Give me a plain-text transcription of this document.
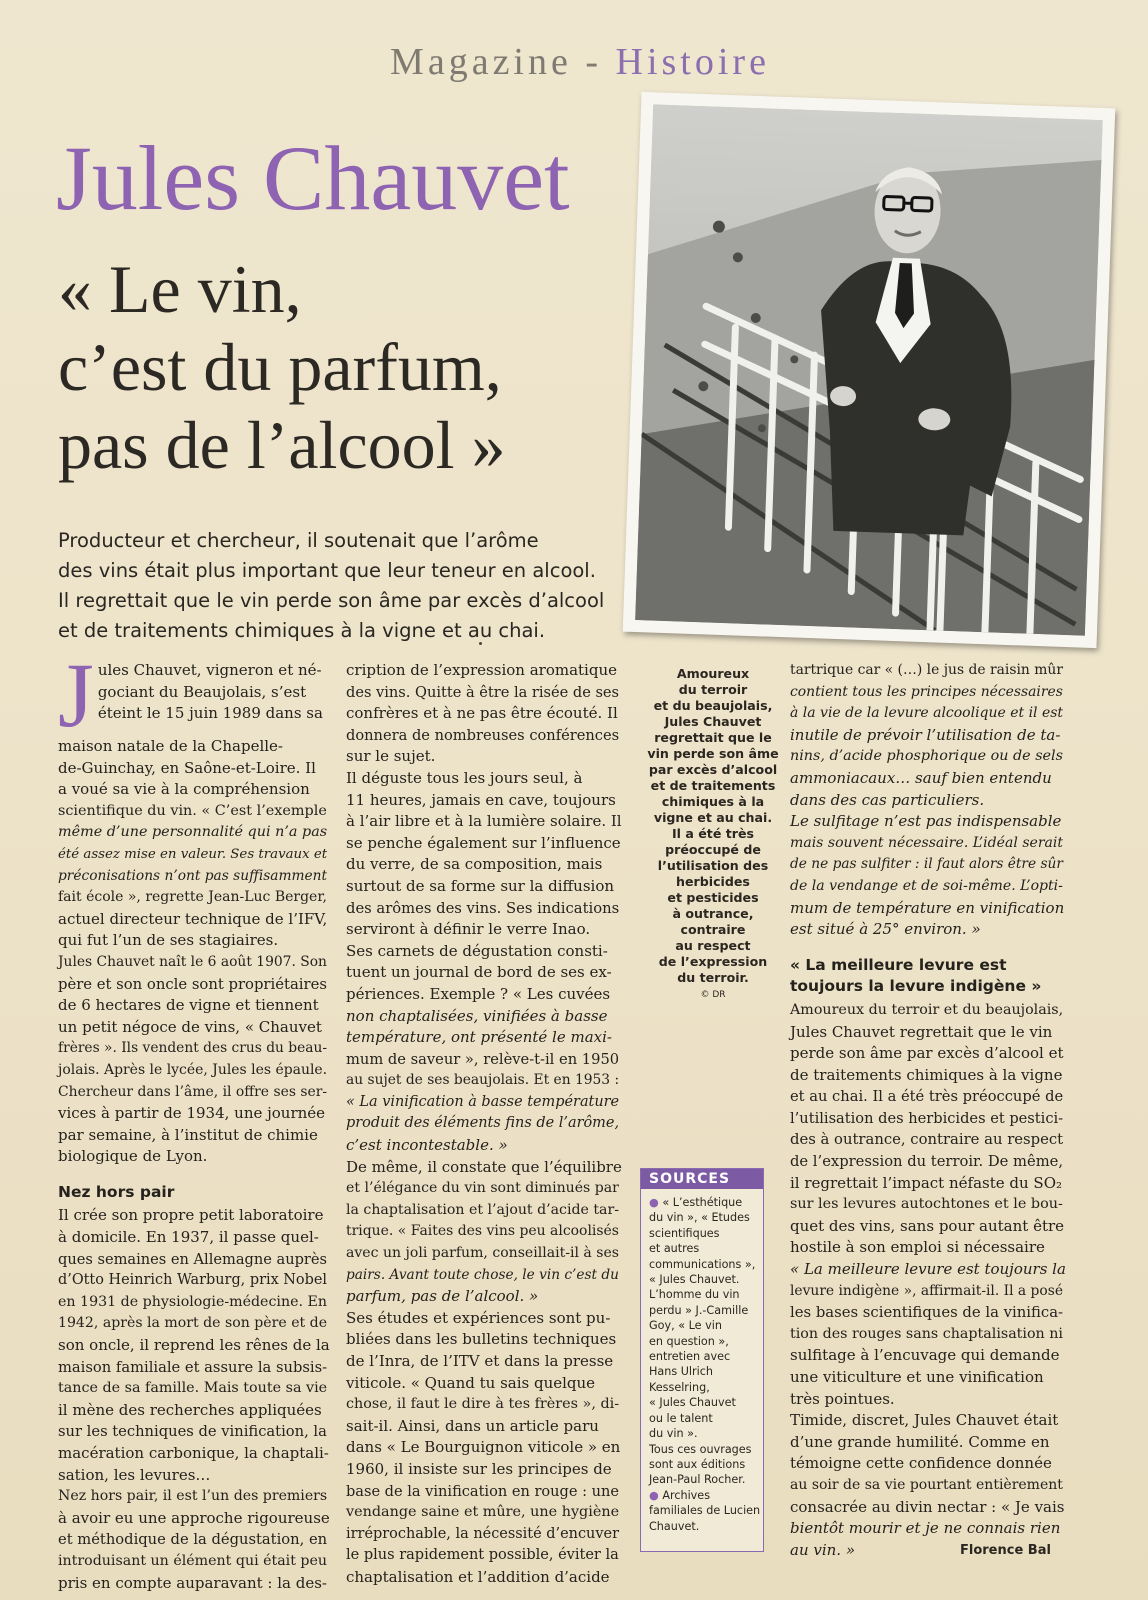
Magazine - Histoire
Jules Chauvet
« Le vin,
c’est du parfum,
pas de l’alcool »
Producteur et chercheur, il soutenait que l’arôme
des vins était plus important que leur teneur en alcool.
Il regrettait que le vin perde son âme par excès d’alcool
et de traitements chimiques à la vigne et au chai.

J ules Chauvet, vigneron et né-
gociant du Beaujolais, s’est
éteint le 15 juin 1989 dans sa
maison natale de la Chapelle-
de-Guinchay, en Saône-et-Loire. Il
a voué sa vie à la compréhension
scientifique du vin. « C’est l’exemple
même d’une personnalité qui n’a pas
été assez mise en valeur. Ses travaux et
préconisations n’ont pas suffisamment
fait école », regrette Jean-Luc Berger,
actuel directeur technique de l’IFV,
qui fut l’un de ses stagiaires.

Jules Chauvet naît le 6 août 1907. Son
père et son oncle sont propriétaires
de 6 hectares de vigne et tiennent
un petit négoce de vins, « Chauvet
frères ». Ils vendent des crus du beau-
jolais. Après le lycée, Jules les épaule.
Chercheur dans l’âme, il offre ses ser-
vices à partir de 1934, une journée
par semaine, à l’institut de chimie
biologique de Lyon.

Nez hors pair

Il crée son propre petit laboratoire
à domicile. En 1937, il passe quel-
ques semaines en Allemagne auprès
d’Otto Heinrich Warburg, prix Nobel
en 1931 de physiologie-médecine. En
1942, après la mort de son père et de
son oncle, il reprend les rênes de la
maison familiale et assure la subsis-
tance de sa famille. Mais toute sa vie
il mène des recherches appliquées
sur les techniques de vinification, la
macération carbonique, la chaptali-
sation, les levures…

Nez hors pair, il est l’un des premiers
à avoir eu une approche rigoureuse
et méthodique de la dégustation, en
introduisant un élément qui était peu
pris en compte auparavant : la des-

cription de l’expression aromatique
des vins. Quitte à être la risée de ses
confrères et à ne pas être écouté. Il
donnera de nombreuses conférences
sur le sujet.

Il déguste tous les jours seul, à
11 heures, jamais en cave, toujours
à l’air libre et à la lumière solaire. Il
se penche également sur l’influence
du verre, de sa composition, mais
surtout de sa forme sur la diffusion
des arômes des vins. Ses indications
serviront à définir le verre Inao.

Ses carnets de dégustation consti-
tuent un journal de bord de ses ex-
périences. Exemple ? « Les cuvées
non chaptalisées, vinifiées à basse
température, ont présenté le maxi-
mum de saveur », relève-t-il en 1950
au sujet de ses beaujolais. Et en 1953 :
« La vinification à basse température
produit des éléments fins de l’arôme,
c’est incontestable. »

De même, il constate que l’équilibre
et l’élégance du vin sont diminués par
la chaptalisation et l’ajout d’acide tar-
trique. « Faites des vins peu alcoolisés
avec un joli parfum, conseillait-il à ses
pairs. Avant toute chose, le vin c’est du
parfum, pas de l’alcool. »

Ses études et expériences sont pu-
bliées dans les bulletins techniques
de l’Inra, de l’ITV et dans la presse
viticole. « Quand tu sais quelque
chose, il faut le dire à tes frères », di-
sait-il. Ainsi, dans un article paru
dans « Le Bourguignon viticole » en
1960, il insiste sur les principes de
base de la vinification en rouge : une
vendange saine et mûre, une hygiène
irréprochable, la nécessité d’encuver
le plus rapidement possible, éviter la
chaptalisation et l’addition d’acide

Amoureux
du terroir
et du beaujolais,
Jules Chauvet
regrettait que le
vin perde son âme
par excès d’alcool
et de traitements
chimiques à la
vigne et au chai.
Il a été très
préoccupé de
l’utilisation des
herbicides
et pesticides
à outrance,
contraire
au respect
de l’expression
du terroir.
© DR
SOURCES
● « L’esthétique
du vin », « Etudes
scientifiques
et autres
communications »,
« Jules Chauvet.
L’homme du vin
perdu » J.-Camille
Goy, « Le vin
en question »,
entretien avec
Hans Ulrich
Kesselring,
« Jules Chauvet
ou le talent
du vin ».
Tous ces ouvrages
sont aux éditions
Jean-Paul Rocher.
● Archives
familiales de Lucien
Chauvet.

tartrique car « (…) le jus de raisin mûr
contient tous les principes nécessaires
à la vie de la levure alcoolique et il est
inutile de prévoir l’utilisation de ta-
nins, d’acide phosphorique ou de sels
ammoniacaux… sauf bien entendu
dans des cas particuliers.

Le sulfitage n’est pas indispensable
mais souvent nécessaire. L’idéal serait
de ne pas sulfiter : il faut alors être sûr
de la vendange et de soi-même. L’opti-
mum de température en vinification
est situé à 25° environ. »

« La meilleure levure est
toujours la levure indigène »

Amoureux du terroir et du beaujolais,
Jules Chauvet regrettait que le vin
perde son âme par excès d’alcool et
de traitements chimiques à la vigne
et au chai. Il a été très préoccupé de
l’utilisation des herbicides et pestici-
des à outrance, contraire au respect
de l’expression du terroir. De même,
il regrettait l’impact néfaste du SO₂
sur les levures autochtones et le bou-
quet des vins, sans pour autant être
hostile à son emploi si nécessaire
« La meilleure levure est toujours la
levure indigène », affirmait-il. Il a posé
les bases scientifiques de la vinifica-
tion des rouges sans chaptalisation ni
sulfitage à l’encuvage qui demande
une viticulture et une vinification
très pointues.

Timide, discret, Jules Chauvet était
d’une grande humilité. Comme en
témoigne cette confidence donnée
au soir de sa vie pourtant entièrement
consacrée au divin nectar : « Je vais
bientôt mourir et je ne connais rien
au vin. »	Florence Bal
